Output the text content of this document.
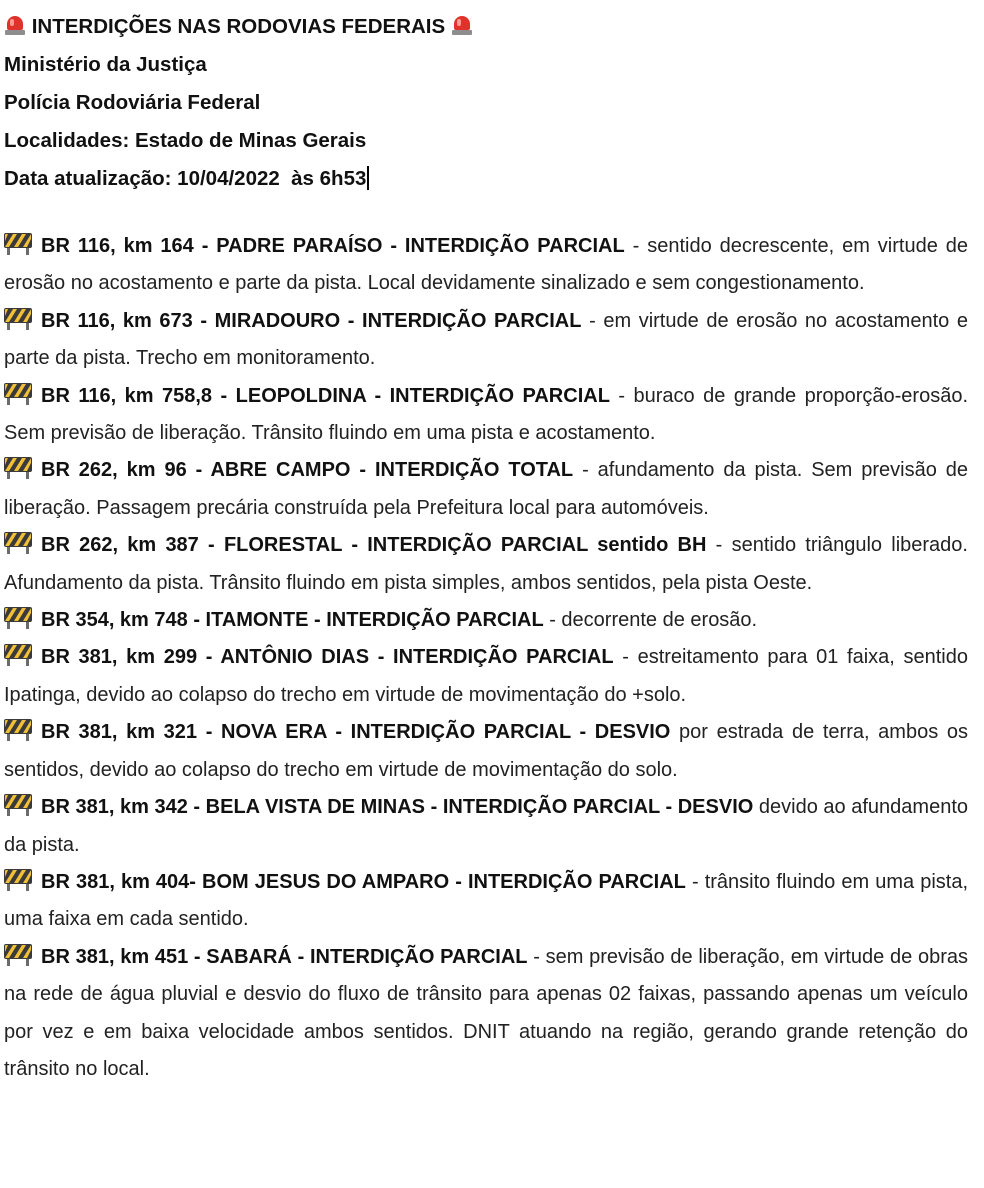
INTERDIÇÕES NAS RODOVIAS FEDERAIS
Ministério da Justiça
Polícia Rodoviária Federal
Localidades: Estado de Minas Gerais
Data atualização: 10/04/2022  às 6h53
BR 116, km 164 - PADRE PARAÍSO - INTERDIÇÃO PARCIAL - sentido decrescente, em virtude de erosão no acostamento e parte da pista. Local devidamente sinalizado e sem congestionamento.
BR 116, km 673 - MIRADOURO - INTERDIÇÃO PARCIAL - em virtude de erosão no acostamento e parte da pista. Trecho em monitoramento.
BR 116, km 758,8 - LEOPOLDINA - INTERDIÇÃO PARCIAL - buraco de grande proporção-erosão. Sem previsão de liberação. Trânsito fluindo em uma pista e acostamento.
BR 262, km 96 - ABRE CAMPO - INTERDIÇÃO TOTAL - afundamento da pista. Sem previsão de liberação. Passagem precária construída pela Prefeitura local para automóveis.
BR 262, km 387 - FLORESTAL - INTERDIÇÃO PARCIAL sentido BH - sentido triângulo liberado. Afundamento da pista. Trânsito fluindo em pista simples, ambos sentidos, pela pista Oeste.
BR 354, km 748 - ITAMONTE - INTERDIÇÃO PARCIAL - decorrente de erosão.
BR 381, km 299 - ANTÔNIO DIAS - INTERDIÇÃO PARCIAL - estreitamento para 01 faixa, sentido Ipatinga, devido ao colapso do trecho em virtude de movimentação do +solo.
BR 381, km 321 - NOVA ERA - INTERDIÇÃO PARCIAL - DESVIO por estrada de terra, ambos os sentidos, devido ao colapso do trecho em virtude de movimentação do solo.
BR 381, km 342 - BELA VISTA DE MINAS - INTERDIÇÃO PARCIAL - DESVIO devido ao afundamento da pista.
BR 381, km 404- BOM JESUS DO AMPARO - INTERDIÇÃO PARCIAL - trânsito fluindo em uma pista, uma faixa em cada sentido.
BR 381, km 451 - SABARÁ - INTERDIÇÃO PARCIAL - sem previsão de liberação, em virtude de obras na rede de água pluvial e desvio do fluxo de trânsito para apenas 02 faixas, passando apenas um veículo por vez e em baixa velocidade ambos sentidos. DNIT atuando na região, gerando grande retenção do trânsito no local.
